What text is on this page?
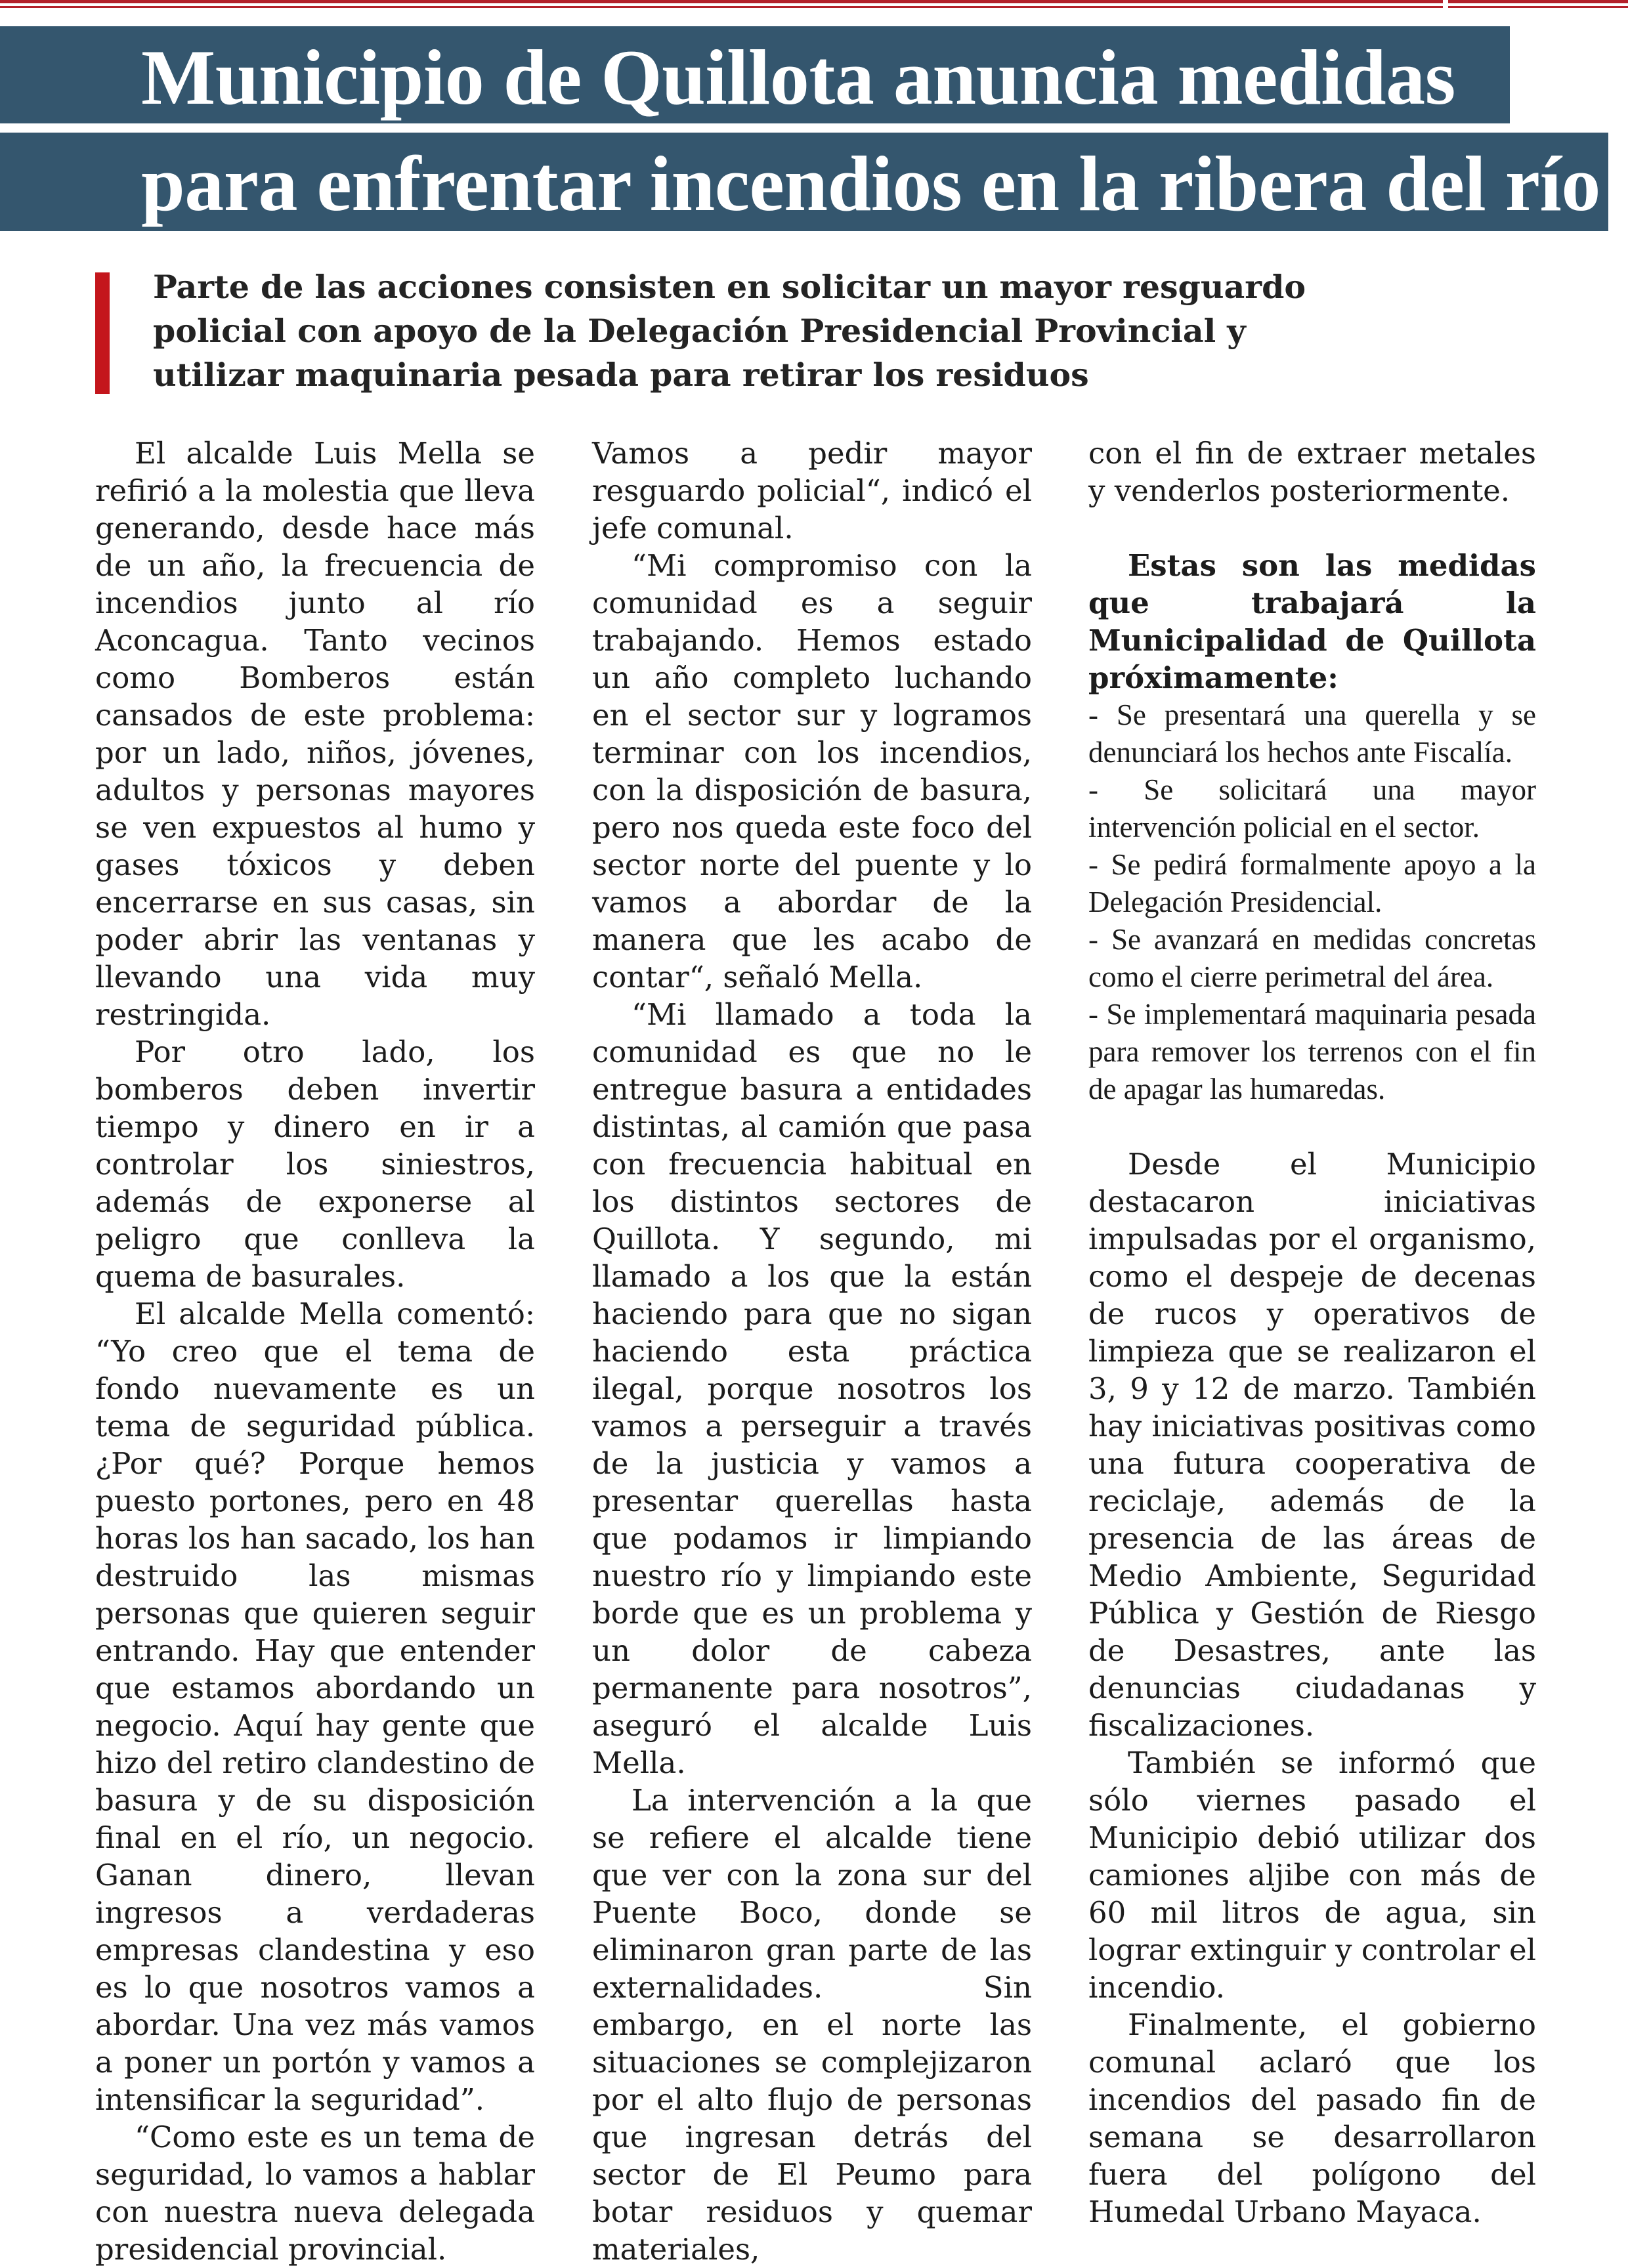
Municipio de Quillota anuncia medidas
para enfrentar incendios en la ribera del río
Parte de las acciones consisten en solicitar un mayor resguardo
policial con apoyo de la Delegación Presidencial Provincial y
utilizar maquinaria pesada para retirar los residuos

El alcalde Luis Mella se refirió a la molestia que lleva generando, desde hace más de un año, la frecuencia de incendios junto al río Aconcagua. Tanto vecinos como Bomberos están cansados de este problema: por un lado, niños, jóvenes, adultos y personas mayores se ven expuestos al humo y gases tóxicos y deben encerrarse en sus casas, sin poder abrir las ventanas y llevando una vida muy restringida.

Por otro lado, los bomberos deben invertir tiempo y dinero en ir a controlar los siniestros, además de exponerse al peligro que conlleva la quema de basurales.

El alcalde Mella comentó: “Yo creo que el tema de fondo nuevamente es un tema de seguridad pública. ¿Por qué? Porque hemos puesto portones, pero en 48 horas los han sacado, los han destruido las mismas personas que quieren seguir entrando. Hay que entender que estamos abordando un negocio. Aquí hay gente que hizo del retiro clandestino de basura y de su disposición final en el río, un negocio. Ganan dinero, llevan ingresos a verdaderas empresas clandestina y eso es lo que nosotros vamos a abordar. Una vez más vamos a poner un portón y vamos a intensificar la seguridad”.

“Como este es un tema de seguridad, lo vamos a hablar con nuestra nueva delegada presidencial provincial.

Vamos a pedir mayor resguardo policial“, indicó el jefe comunal.

“Mi compromiso con la comunidad es a seguir trabajando. Hemos estado un año completo luchando en el sector sur y logramos terminar con los incendios, con la disposición de basura, pero nos queda este foco del sector norte del puente y lo vamos a abordar de la manera que les acabo de contar“, señaló Mella.

“Mi llamado a toda la comunidad es que no le entregue basura a entidades distintas, al camión que pasa con frecuencia habitual en los distintos sectores de Quillota. Y segundo, mi llamado a los que la están haciendo para que no sigan haciendo esta práctica ilegal, porque nosotros los vamos a perseguir a través de la justicia y vamos a presentar querellas hasta que podamos ir limpiando nuestro río y limpiando este borde que es un problema y un dolor de cabeza permanente para nosotros”, aseguró el alcalde Luis Mella.

La intervención a la que se refiere el alcalde tiene que ver con la zona sur del Puente Boco, donde se eliminaron gran parte de las externalidades. Sin embargo, en el norte las situaciones se complejizaron por el alto flujo de personas que ingresan detrás del sector de El Peumo para botar residuos y quemar materiales,

con el fin de extraer metales y venderlos posteriormente.

Estas son las medidas que trabajará la Municipalidad de Quillota próximamente:

- Se presentará una querella y se denunciará los hechos ante Fiscalía.

- Se solicitará una mayor intervención policial en el sector.

- Se pedirá formalmente apoyo a la Delegación Presidencial.

- Se avanzará en medidas concretas como el cierre perimetral del área.

- Se implementará maquinaria pesada para remover los terrenos con el fin de apagar las humaredas.

Desde el Municipio destacaron iniciativas impulsadas por el organismo, como el despeje de decenas de rucos y operativos de limpieza que se realizaron el 3, 9 y 12 de marzo. También hay iniciativas positivas como una futura cooperativa de reciclaje, además de la presencia de las áreas de Medio Ambiente, Seguridad Pública y Gestión de Riesgo de Desastres, ante las denuncias ciudadanas y fiscalizaciones.

También se informó que sólo viernes pasado el Municipio debió utilizar dos camiones aljibe con más de 60 mil litros de agua, sin lograr extinguir y controlar el incendio.

Finalmente, el gobierno comunal aclaró que los incendios del pasado fin de semana se desarrollaron fuera del polígono del Humedal Urbano Mayaca.
